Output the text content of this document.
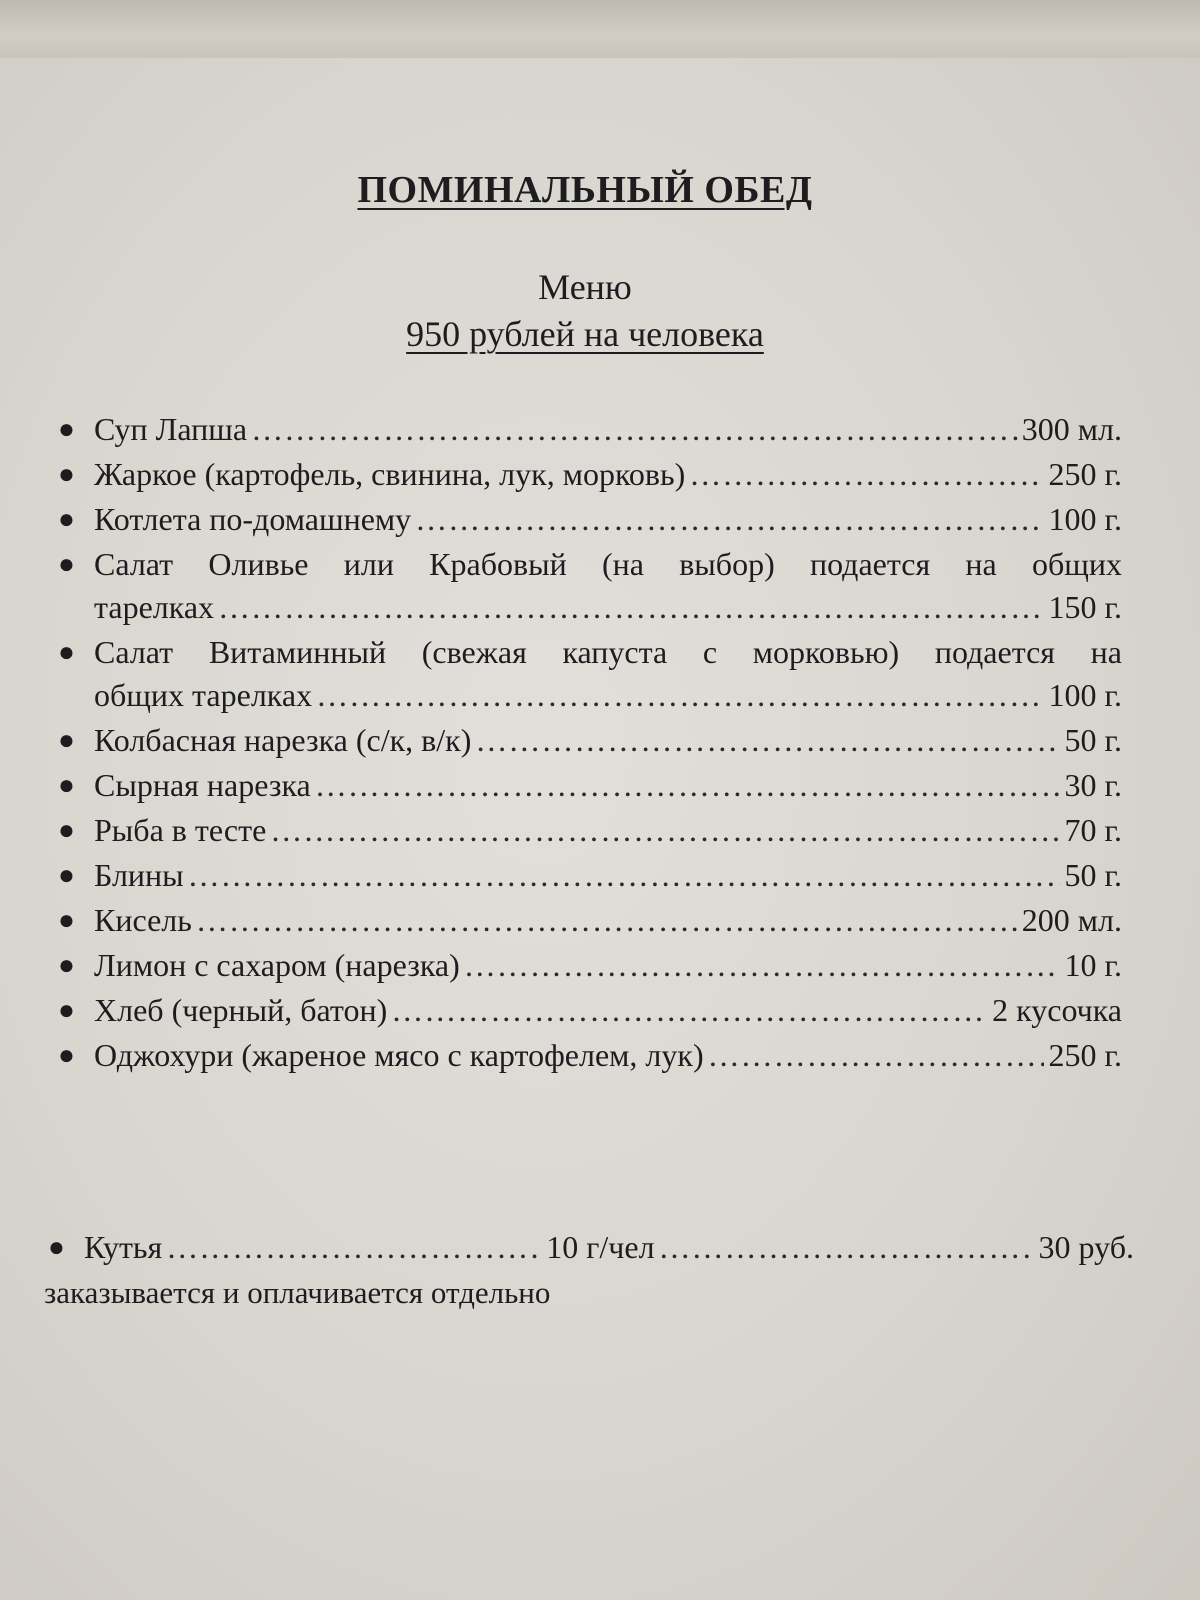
ПОМИНАЛЬНЫЙ ОБЕД
Меню
950 рублей на человека
● Суп Лапша ……………………………………………………………………………………………………………………………………………………………………	300 мл.
● Жаркое (картофель, свинина, лук, морковь) ……………………………………………………………………………………………………………………………………………………………………	250 г.
● Котлета по-домашнему ……………………………………………………………………………………………………………………………………………………………………	100 г.
● Салат Оливье или Крабовый (на выбор) подается на общих
тарелках ……………………………………………………………………………………………………………………………………………………………………	150 г.
● Салат Витаминный (свежая капуста с морковью) подается на
общих тарелках ……………………………………………………………………………………………………………………………………………………………………	100 г.
● Колбасная нарезка (с/к, в/к) ……………………………………………………………………………………………………………………………………………………………………	50 г.
● Сырная нарезка ……………………………………………………………………………………………………………………………………………………………………	30 г.
● Рыба в тесте ……………………………………………………………………………………………………………………………………………………………………	70 г.
● Блины ……………………………………………………………………………………………………………………………………………………………………	50 г.
● Кисель ……………………………………………………………………………………………………………………………………………………………………	200 мл.
● Лимон с сахаром (нарезка) ……………………………………………………………………………………………………………………………………………………………………	10 г.
● Хлеб (черный, батон) ……………………………………………………………………………………………………………………………………………………………………	2 кусочка
● Оджохури (жареное мясо с картофелем, лук) ……………………………………………………………………………………………………………………………………………………………………	250 г.
● Кутья ……………………………………………………………………………………………………………………………………………………………………	10 г/чел ……………………………………………………………………………………………………………………………………………………………………	30 руб.
заказывается и оплачивается отдельно
